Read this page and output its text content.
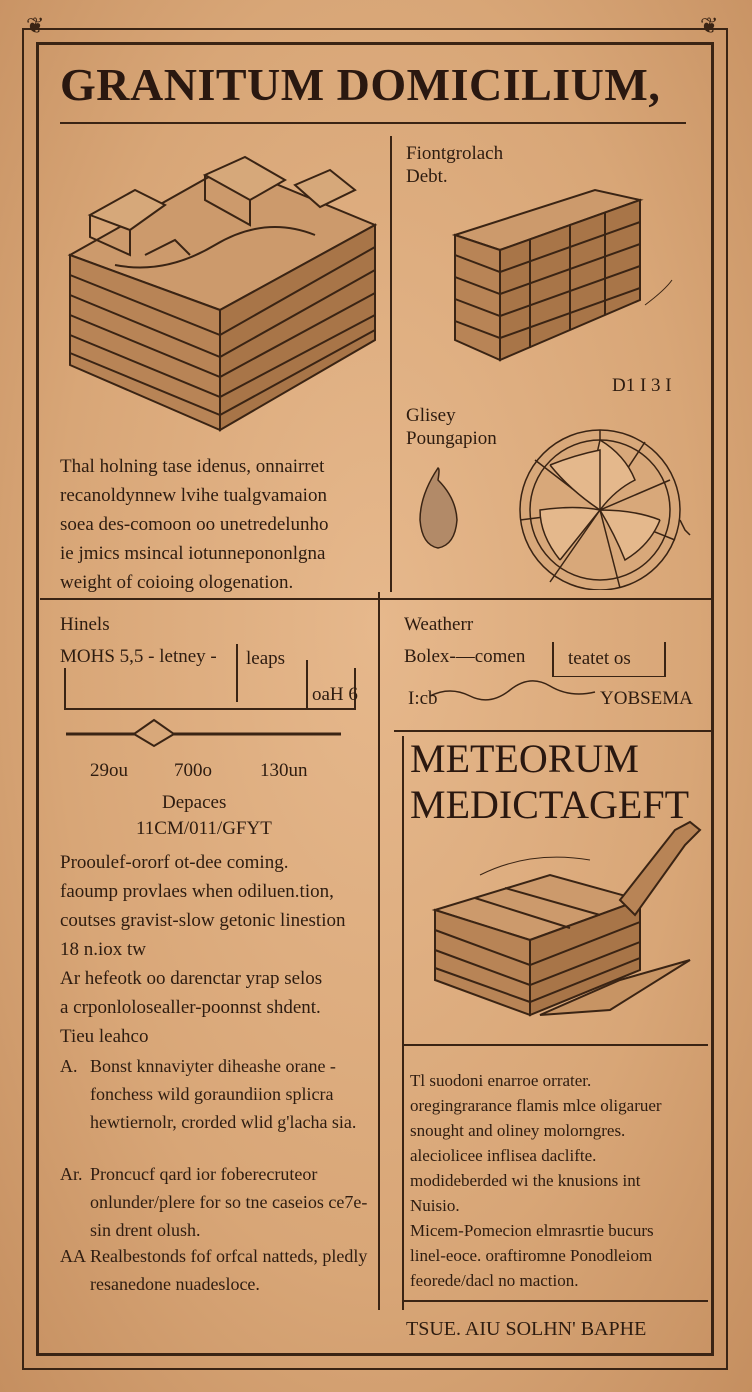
❦	❦
GRANITUM DOMICILIUM,
Fiontgrolach
Debt.
D1 I 3 I
Glisey
Poungapion
Thal holning tase idenus, onnairret
recanoldynnew lvihe tualgvamaion
soea des-comoon oo unetredelunho
ie jmics msincal iotunnepononlgna
weight of coioing ologenation.
Hinels
MOHS 5,5 - letney - leaps
oaH 6
29ou 700o	130un
Depaces
11CM/011/GFYT
Prooulef-ororf ot-dee coming.
faoump provlaes when odiluen.tion,
coutses gravist-slow getonic linestion
18 n.iox tw
Ar hefeotk oo darenctar yrap selos
a crponlolosealler-poonnst shdent.
Tieu leahco
A. Bonst knnaviyter diheashe orane - fonchess wild goraundiion splicra hewtiernolr, crorded wlid g'lacha sia.
Ar. Proncucf qard ior foberecruteor onlunder/plere for so tne caseios ce7e- sin drent olush.
AA Realbestonds fof orfcal natteds, pledly resanedone nuadesloce.
Weatherr
Bolex-—comen teatet os
I:cb	YOBSEMA
METEORUM
MEDICTAGEFT
Tl suodoni enarroe orrater.
oregingrarance flamis mlce oligaruer
snought and oliney molorngres.
aleciolicee inflisea daclifte.
modideberded wi the knusions int
Nuisio.
Micem-Pomecion elmrasrtie bucurs
linel-eoce. oraftiromne Ponodleiom
feorede/dacl no maction.
TSUE. AIU SOLHN' BAPHE
